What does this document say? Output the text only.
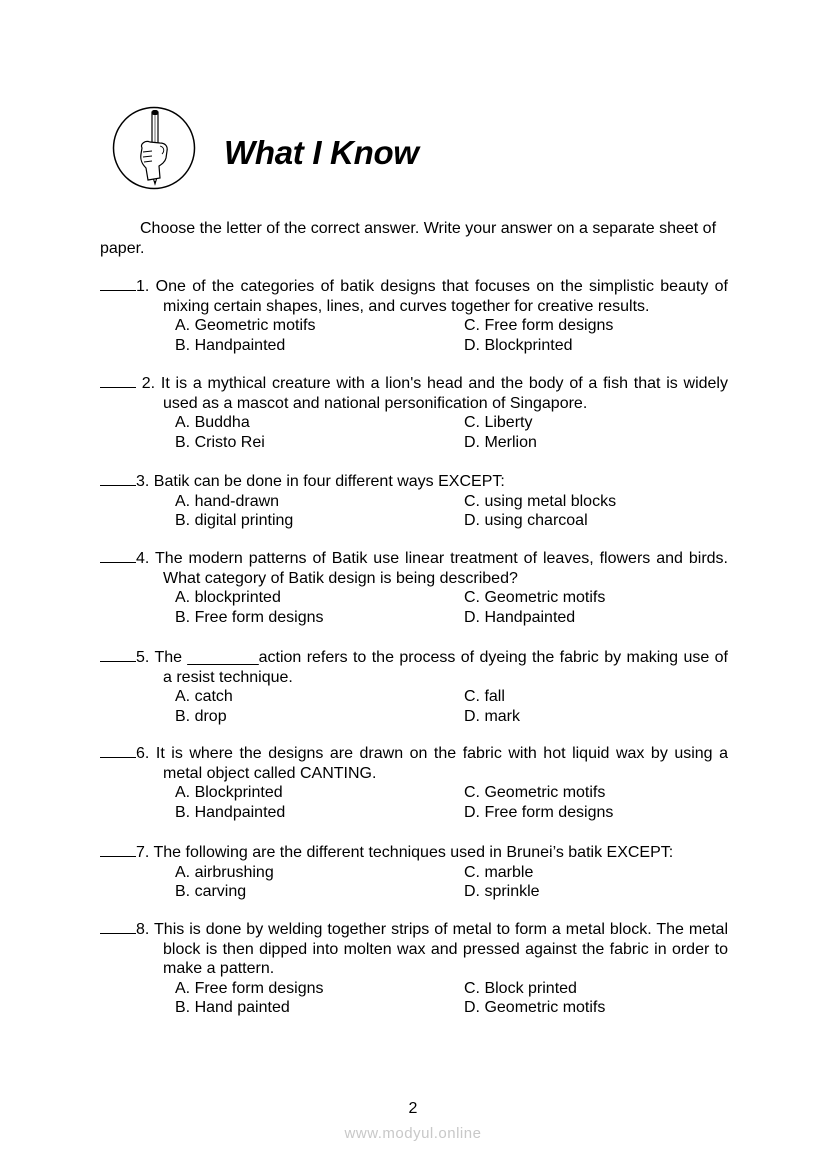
What I Know
Choose the letter of the correct answer. Write your answer on a separate sheet of paper.
1. One of the categories of batik designs that focuses on the simplistic beauty of mixing certain shapes, lines, and curves together for creative results.
A. Geometric motifs	C. Free form designs
B. Handpainted	D. Blockprinted
2. It is a mythical creature with a lion's head and the body of a fish that is widely used as a mascot and national personification of Singapore.
A. Buddha	C. Liberty
B. Cristo Rei	D. Merlion
3. Batik can be done in four different ways EXCEPT:
A. hand-drawn	C. using metal blocks
B. digital printing	D. using charcoal
4. The modern patterns of Batik use linear treatment of leaves, flowers and birds. What category of Batik design is being described?
A. blockprinted	C. Geometric motifs
B. Free form designs	D. Handpainted
5. The ________action refers to the process of dyeing the fabric by making use of a resist technique.
A. catch	C. fall
B. drop	D. mark
6. It is where the designs are drawn on the fabric with hot liquid wax by using a metal object called CANTING.
A. Blockprinted	C. Geometric motifs
B. Handpainted	D. Free form designs
7. The following are the different techniques used in Brunei’s batik EXCEPT:
A. airbrushing	C. marble
B. carving	D. sprinkle
8. This is done by welding together strips of metal to form a metal block. The metal block is then dipped into molten wax and pressed against the fabric in order to make a pattern.
A. Free form designs	C. Block printed
B. Hand painted	D. Geometric motifs
2
www.modyul.online
